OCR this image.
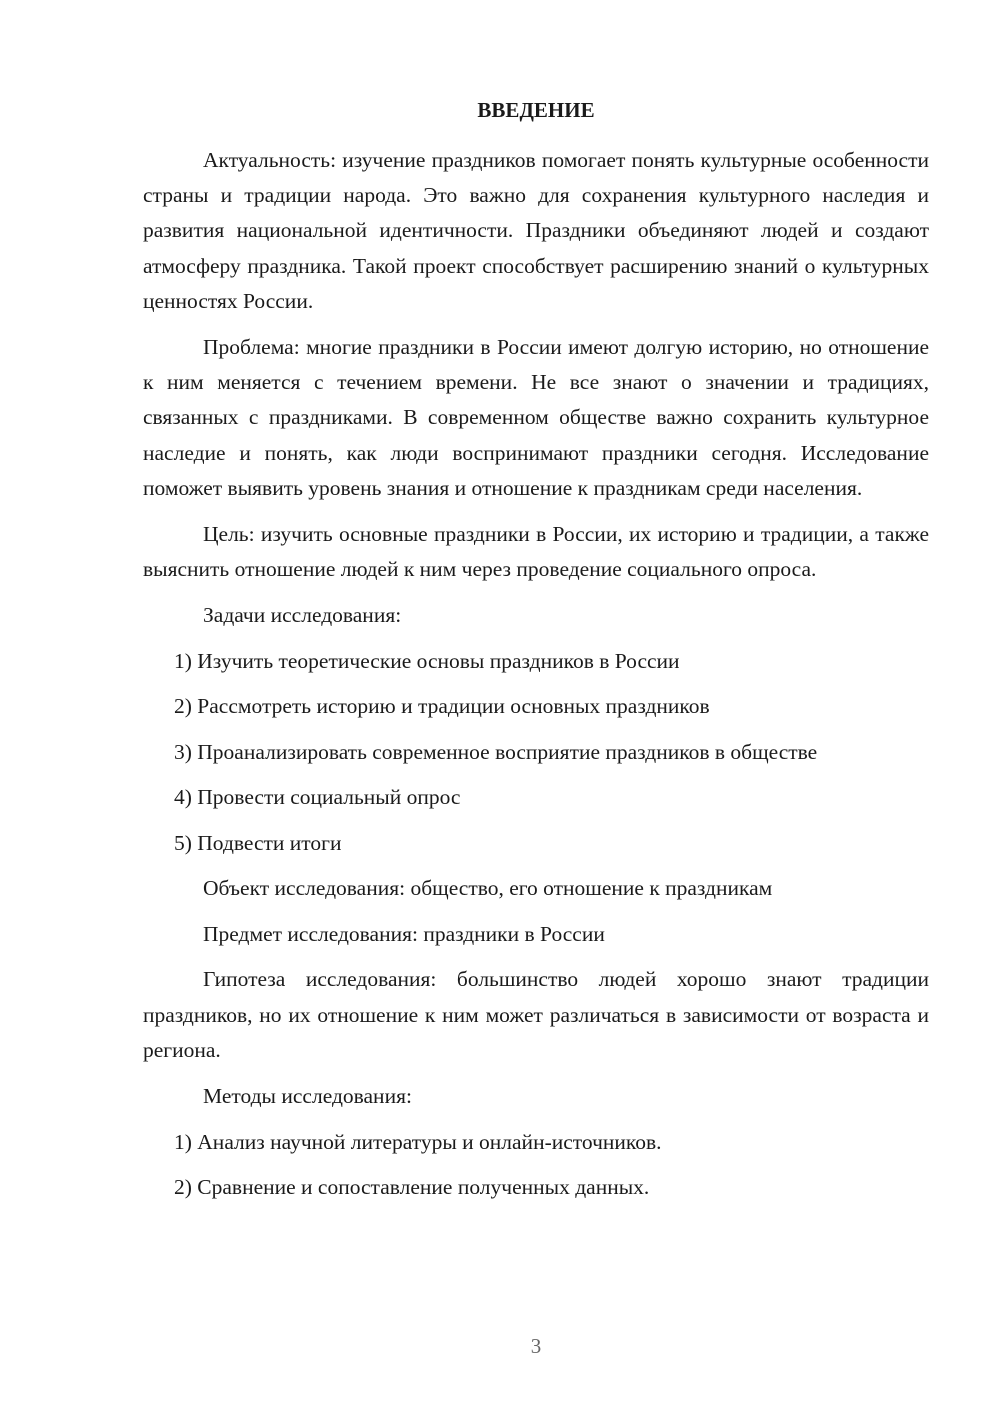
ВВЕДЕНИЕ

Актуальность: изучение праздников помогает понять культурные особенности страны и традиции народа. Это важно для сохранения культурного наследия и развития национальной идентичности. Праздники объединяют людей и создают атмосферу праздника. Такой проект способствует расширению знаний о культурных ценностях России.

Проблема: многие праздники в России имеют долгую историю, но отношение к ним меняется с течением времени. Не все знают о значении и традициях, связанных с праздниками. В современном обществе важно сохранить культурное наследие и понять, как люди воспринимают праздники сегодня. Исследование поможет выявить уровень знания и отношение к праздникам среди населения.

Цель: изучить основные праздники в России, их историю и традиции, а также выяснить отношение людей к ним через проведение социального опроса.

Задачи исследования:
1) Изучить теоретические основы праздников в России
2) Рассмотреть историю и традиции основных праздников
3) Проанализировать современное восприятие праздников в обществе
4) Провести социальный опрос
5) Подвести итоги
Объект исследования: общество, его отношение к праздникам
Предмет исследования: праздники в России

Гипотеза исследования: большинство людей хорошо знают традиции праздников, но их отношение к ним может различаться в зависимости от возраста и региона.

Методы исследования:
1) Анализ научной литературы и онлайн-источников.
2) Сравнение и сопоставление полученных данных.
3
